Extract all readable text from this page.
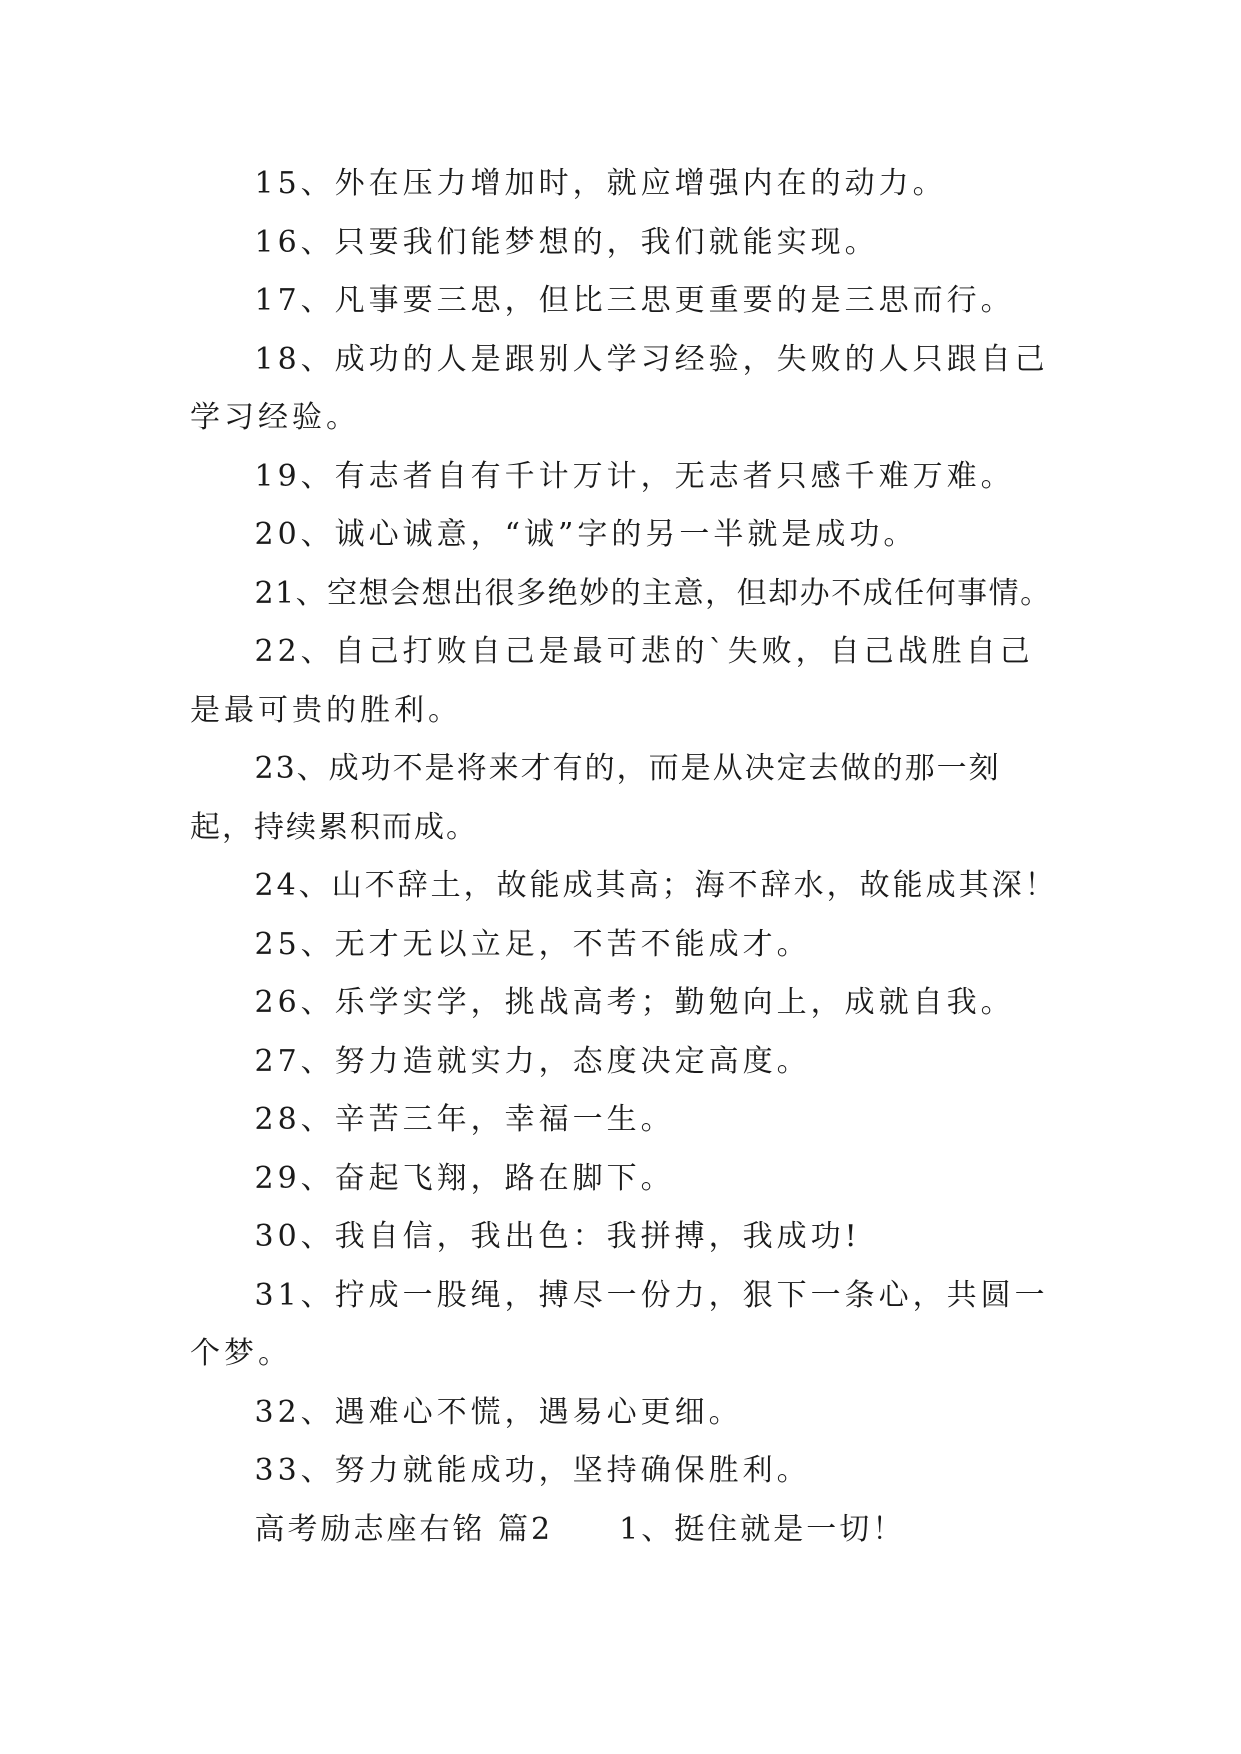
15、外在压力增加时，就应增强内在的动力。

16、只要我们能梦想的，我们就能实现。

17、凡事要三思，但比三思更重要的是三思而行。

18、成功的人是跟别人学习经验，失败的人只跟自己学习经验。

19、有志者自有千计万计，无志者只感千难万难。

20、诚心诚意，“诚”字的另一半就是成功。

21、空想会想出很多绝妙的主意，但却办不成任何事情。

22、自己打败自己是最可悲的`失败，自己战胜自己是最可贵的胜利。

23、成功不是将来才有的，而是从决定去做的那一刻起，持续累积而成。

24、山不辞土，故能成其高；海不辞水，故能成其深！

25、无才无以立足，不苦不能成才。

26、乐学实学，挑战高考；勤勉向上，成就自我。

27、努力造就实力，态度决定高度。

28、辛苦三年，幸福一生。

29、奋起飞翔，路在脚下。

30、我自信，我出色：我拼搏，我成功!

31、拧成一股绳，搏尽一份力，狠下一条心，共圆一个梦。

32、遇难心不慌，遇易心更细。

33、努力就能成功，坚持确保胜利。

高考励志座右铭 篇2　　1、挺住就是一切！
